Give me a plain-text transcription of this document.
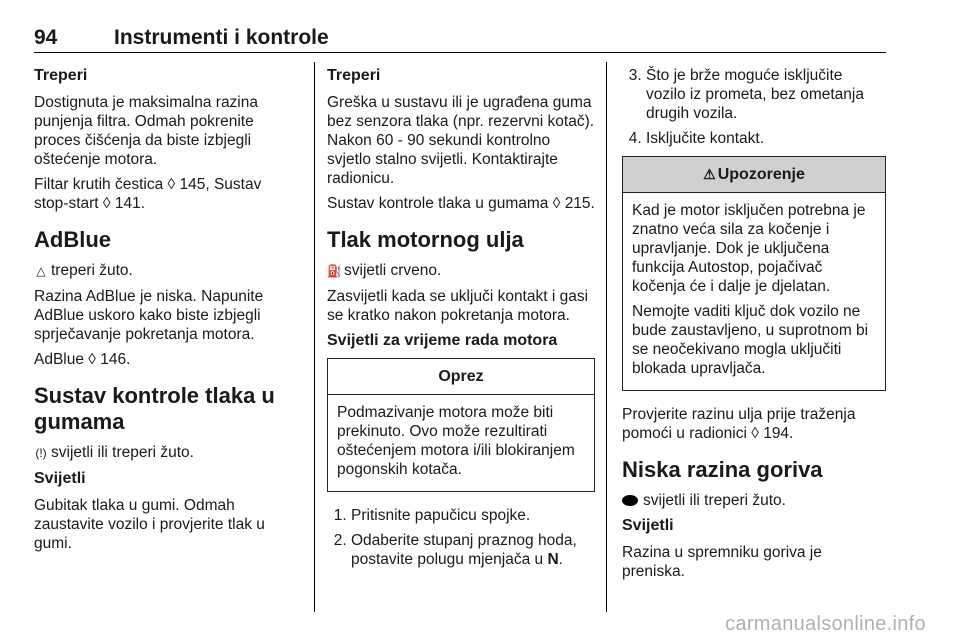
94	Instrumenti i kontrole
Treperi

Dostignuta je maksimalna razina punjenja filtra. Odmah pokrenite proces čišćenja da biste izbjegli oštećenje motora.

Filtar krutih čestica ◊ 145, Sustav stop-start ◊ 141.

AdBlue

△ treperi žuto.

Razina AdBlue je niska. Napunite AdBlue uskoro kako biste izbjegli sprječavanje pokretanja motora.

AdBlue ◊ 146.

Sustav kontrole tlaka u gumama

(!) svijetli ili treperi žuto.

Svijetli

Gubitak tlaka u gumi. Odmah zaustavite vozilo i provjerite tlak u gumi.

Treperi

Greška u sustavu ili je ugrađena guma bez senzora tlaka (npr. rezervni kotač). Nakon 60 - 90 sekundi kontrolno svjetlo stalno svijetli. Kontaktirajte radionicu.

Sustav kontrole tlaka u gumama ◊ 215.

Tlak motornog ulja

⛽ svijetli crveno.

Zasvijetli kada se uključi kontakt i gasi se kratko nakon pokretanja motora.

Svijetli za vrijeme rada motora
Oprez

Podmazivanje motora može biti prekinuto. Ovo može rezultirati oštećenjem motora i/ili blokiranjem pogonskih kotača.

1. Pritisnite papučicu spojke.
2. Odaberite stupanj praznog hoda, postavite polugu mjenjača u N.
3. Što je brže moguće isključite vozilo iz prometa, bez ometanja drugih vozila.
4. Isključite kontakt.
⚠ Upozorenje

Kad je motor isključen potrebna je znatno veća sila za kočenje i upravljanje. Dok je uključena funkcija Autostop, pojačivač kočenja će i dalje je djelatan.

Nemojte vaditi ključ dok vozilo ne bude zaustavljeno, u suprotnom bi se neočekivano mogla uključiti blokada upravljača.

Provjerite razinu ulja prije traženja pomoći u radionici ◊ 194.

Niska razina goriva

svijetli ili treperi žuto.

Svijetli

Razina u spremniku goriva je preniska.

carmanualsonline.info
